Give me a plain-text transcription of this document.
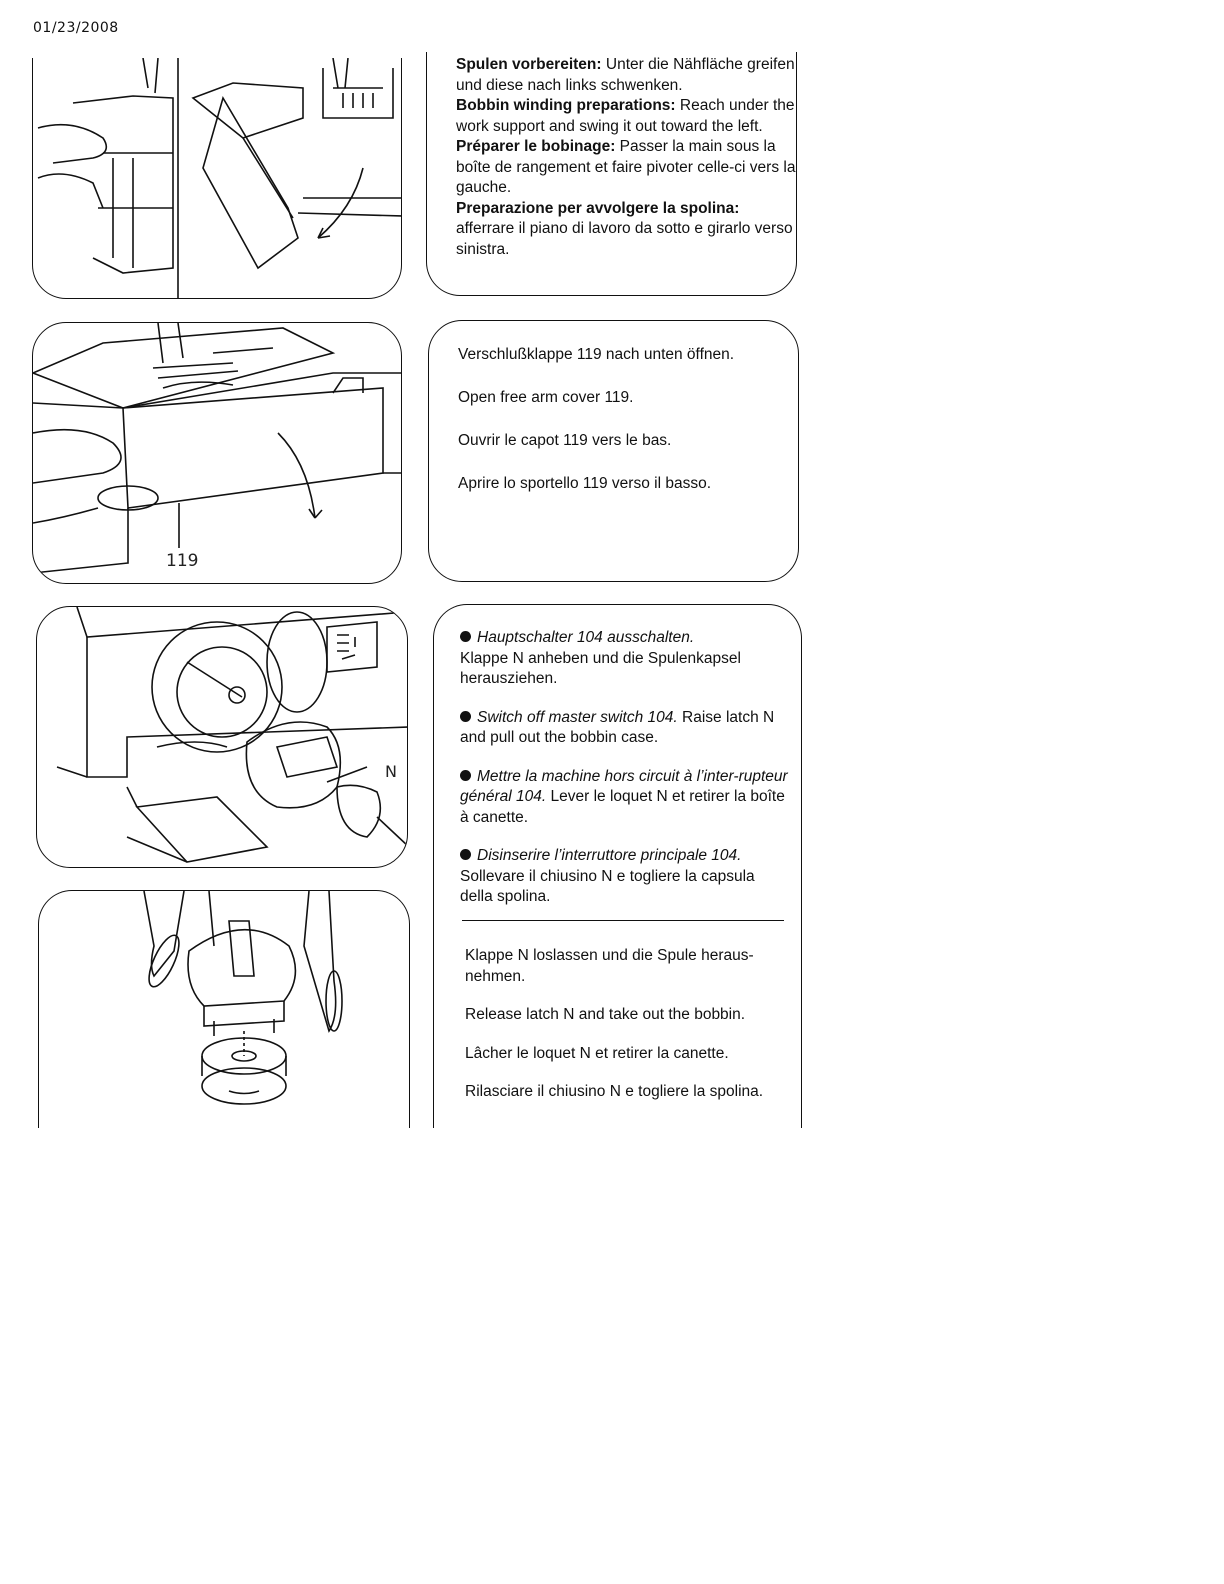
01/23/2008

Spulen vorbereiten: Unter die Nähfläche greifen und diese nach links schwenken.

Bobbin winding preparations: Reach under the work support and swing it out toward the left.

Préparer le bobinage: Passer la main sous la boîte de rangement et faire pivoter celle-ci vers la gauche.

Preparazione per avvolgere la spolina: afferrare il piano di lavoro da sotto e girarlo verso sinistra.

119

Verschlußklappe 119 nach unten öffnen.

Open free arm cover 119.

Ouvrir le capot 119 vers le bas.

Aprire lo sportello 119 verso il basso.

N

Hauptschalter 104 ausschalten.
Klappe N anheben und die Spulenkapsel herausziehen.

Switch off master switch 104. Raise latch N and pull out the bobbin case.

Mettre la machine hors circuit à l’inter-rupteur général 104. Lever le loquet N et retirer la boîte à canette.

Disinserire l’interruttore principale 104. Sollevare il chiusino N e togliere la capsula della spolina.

Klappe N loslassen und die Spule heraus-nehmen.

Release latch N and take out the bobbin.

Lâcher le loquet N et retirer la canette.

Rilasciare il chiusino N e togliere la spolina.
